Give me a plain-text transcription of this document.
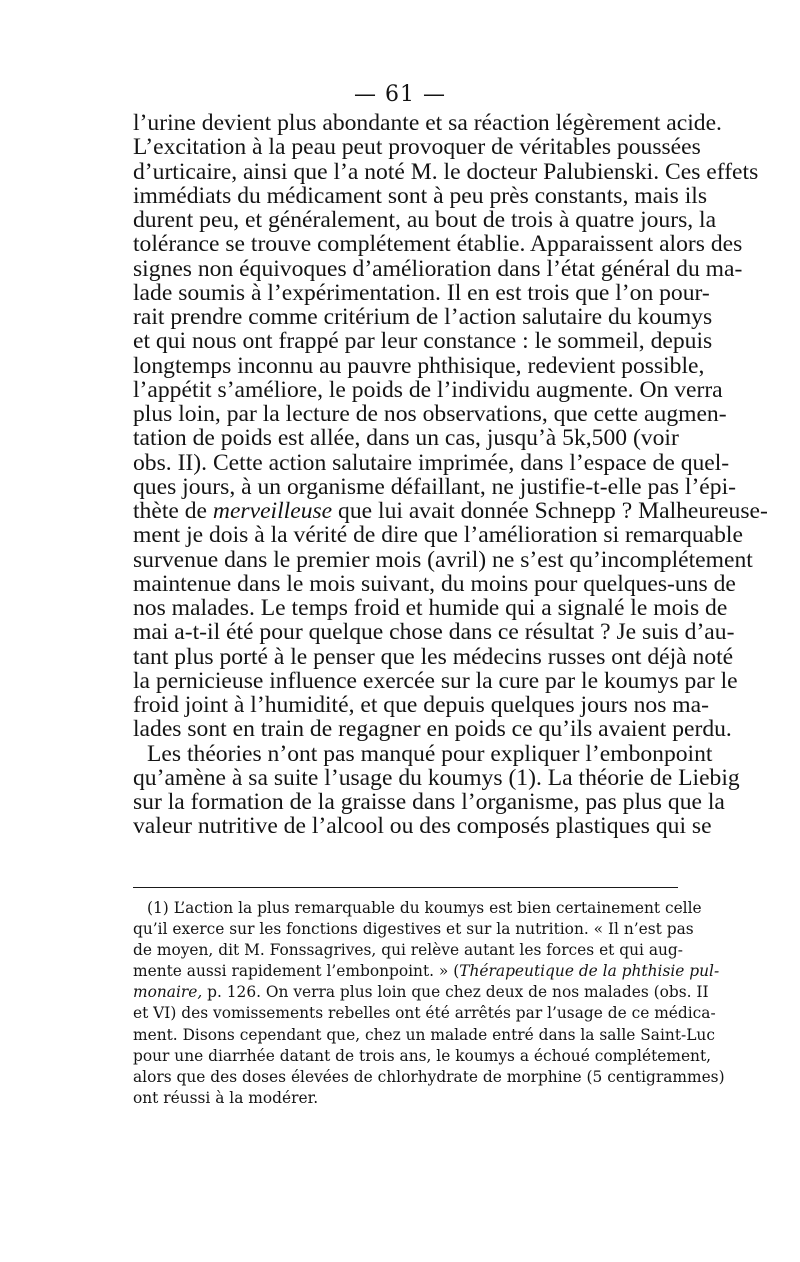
— 61 —
l’urine devient plus abondante et sa réaction légèrement acide.
L’excitation à la peau peut provoquer de véritables poussées
d’urticaire, ainsi que l’a noté M. le docteur Palubienski. Ces effets
immédiats du médicament sont à peu près constants, mais ils
durent peu, et généralement, au bout de trois à quatre jours, la
tolérance se trouve complétement établie. Apparaissent alors des
signes non équivoques d’amélioration dans l’état général du ma-
lade soumis à l’expérimentation. Il en est trois que l’on pour-
rait prendre comme critérium de l’action salutaire du koumys
et qui nous ont frappé par leur constance : le sommeil, depuis
longtemps inconnu au pauvre phthisique, redevient possible,
l’appétit s’améliore, le poids de l’individu augmente. On verra
plus loin, par la lecture de nos observations, que cette augmen-
tation de poids est allée, dans un cas, jusqu’à 5k,500 (voir
obs. II). Cette action salutaire imprimée, dans l’espace de quel-
ques jours, à un organisme défaillant, ne justifie-t-elle pas l’épi-
thète de merveilleuse que lui avait donnée Schnepp ? Malheureuse-
ment je dois à la vérité de dire que l’amélioration si remarquable
survenue dans le premier mois (avril) ne s’est qu’incomplétement
maintenue dans le mois suivant, du moins pour quelques-uns de
nos malades. Le temps froid et humide qui a signalé le mois de
mai a-t-il été pour quelque chose dans ce résultat ? Je suis d’au-
tant plus porté à le penser que les médecins russes ont déjà noté
la pernicieuse influence exercée sur la cure par le koumys par le
froid joint à l’humidité, et que depuis quelques jours nos ma-
lades sont en train de regagner en poids ce qu’ils avaient perdu.
Les théories n’ont pas manqué pour expliquer l’embonpoint
qu’amène à sa suite l’usage du koumys (1). La théorie de Liebig
sur la formation de la graisse dans l’organisme, pas plus que la
valeur nutritive de l’alcool ou des composés plastiques qui se
(1) L’action la plus remarquable du koumys est bien certainement celle
qu’il exerce sur les fonctions digestives et sur la nutrition. « Il n’est pas
de moyen, dit M. Fonssagrives, qui relève autant les forces et qui aug-
mente aussi rapidement l’embonpoint. » (Thérapeutique de la phthisie pul-
monaire, p. 126. On verra plus loin que chez deux de nos malades (obs. II
et VI) des vomissements rebelles ont été arrêtés par l’usage de ce médica-
ment. Disons cependant que, chez un malade entré dans la salle Saint-Luc
pour une diarrhée datant de trois ans, le koumys a échoué complétement,
alors que des doses élevées de chlorhydrate de morphine (5 centigrammes)
ont réussi à la modérer.
